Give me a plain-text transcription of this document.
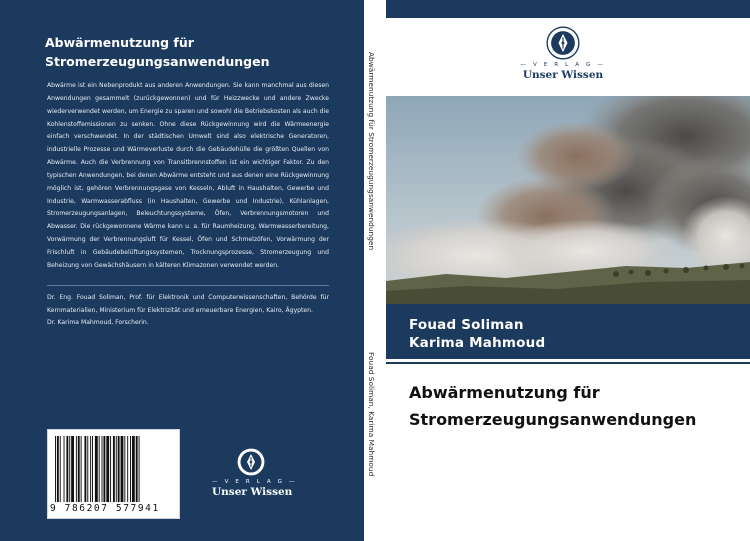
Abwärmenutzung für
Stromerzeugungsanwendungen

Abwärme ist ein Nebenprodukt aus anderen Anwendungen. Sie kann manchmal aus diesen Anwendungen gesammelt (zurückgewonnen) und für Heizzwecke und andere Zwecke wiederverwendet werden, um Energie zu sparen und sowohl die Betriebskosten als auch die Kohlenstoffemissionen zu senken. Ohne diese Rückgewinnung wird die Wärmeenergie einfach verschwendet. In der städtischen Umwelt sind also elektrische Generatoren, industrielle Prozesse und Wärmeverluste durch die Gebäudehülle die größten Quellen von Abwärme. Auch die Verbrennung von Transitbrennstoffen ist ein wichtiger Faktor. Zu den typischen Anwendungen, bei denen Abwärme entsteht und aus denen eine Rückgewinnung möglich ist, gehören Verbrennungsgase von Kesseln, Abluft in Haushalten, Gewerbe und Industrie, Warmwasserabfluss (in Haushalten, Gewerbe und Industrie), Kühlanlagen, Stromerzeugungsanlagen, Beleuchtungssysteme, Öfen, Verbrennungsmotoren und Abwasser. Die rückgewonnene Wärme kann u. a. für Raumheizung, Warmwasserbereitung, Vorwärmung der Verbrennungsluft für Kessel, Öfen und Schmelzöfen, Vorwärmung der Frischluft in Gebäudebelüftungssystemen, Trocknungsprozesse, Stromerzeugung und Beheizung von Gewächshäusern in kälteren Klimazonen verwendet werden.

Dr. Eng. Fouad Soliman, Prof. für Elektronik und Computerwissenschaften, Behörde für Kernmaterialien, Ministerium für Elektrizität und erneuerbare Energien, Kairo, Ägypten.

Dr. Karima Mahmoud, Forscherin.

9 786207 577941
— V E R L A G —
Unser Wissen
Abwärmenutzung für Stromerzeugungsanwendungen
Fouad Soliman, Karima Mahmoud
— V E R L A G —
Unser Wissen
Fouad Soliman
Karima Mahmoud
Abwärmenutzung für
Stromerzeugungsanwendungen
